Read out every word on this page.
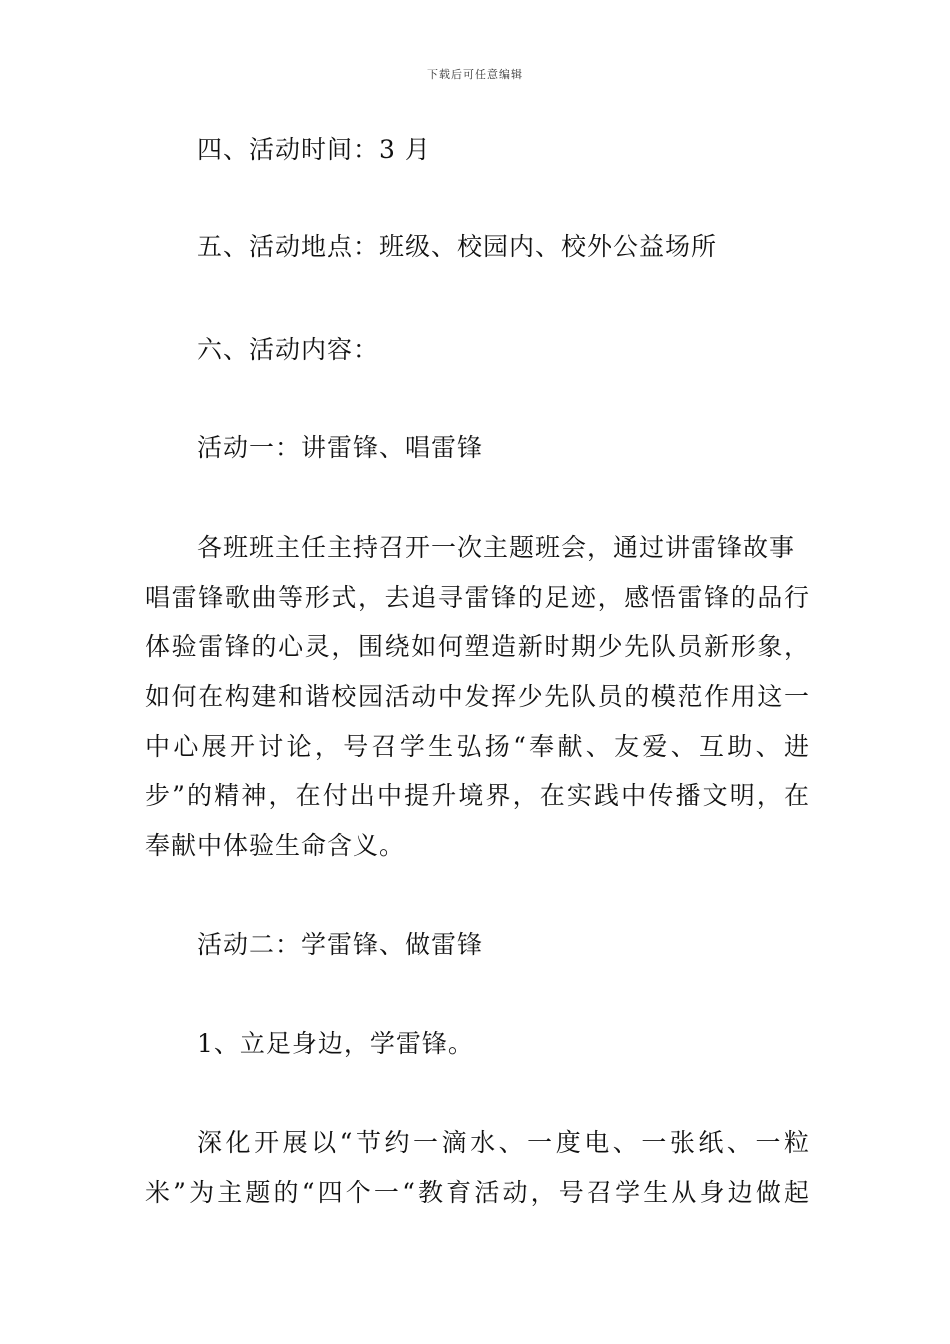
下载后可任意编辑
四、活动时间：3 月
五、活动地点：班级、校园内、校外公益场所
六、活动内容：
活动一：讲雷锋、唱雷锋
各班班主任主持召开一次主题班会，通过讲雷锋故事
唱雷锋歌曲等形式，去追寻雷锋的足迹，感悟雷锋的品行
体验雷锋的心灵，围绕如何塑造新时期少先队员新形象，
如何在构建和谐校园活动中发挥少先队员的模范作用这一
中心展开讨论，号召学生弘扬“奉献、友爱、互助、进
步”的精神，在付出中提升境界，在实践中传播文明，在
奉献中体验生命含义。
活动二：学雷锋、做雷锋
1、立足身边，学雷锋。
深化开展以“节约一滴水、一度电、一张纸、一粒
米”为主题的“四个一“教育活动，号召学生从身边做起
